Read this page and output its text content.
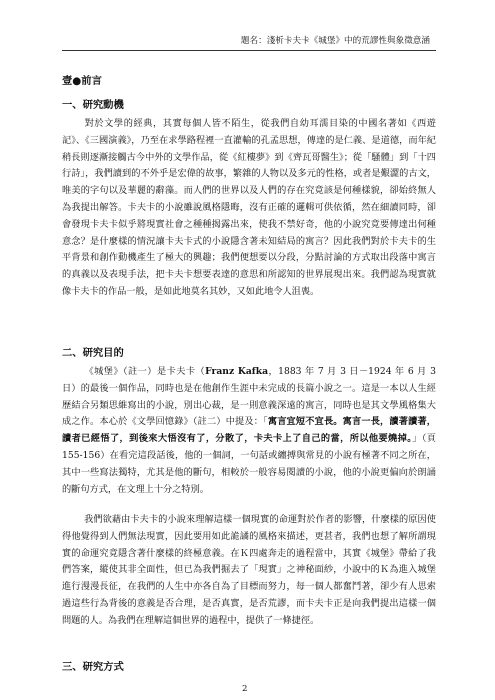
題名：淺析卡夫卡《城堡》中的荒謬性與象徵意涵
壹●前言
一、研究動機

對於文學的經典，其實每個人皆不陌生，從我們自幼耳濡目染的中國名著如《西遊記》、《三國演義》，乃至在求學路程裡一直灌輸的孔孟思想，傳達的是仁義、是道德，而年紀稍長則逐漸接觸古今中外的文學作品，從《紅樓夢》到《齊瓦哥醫生》；從「騷體」到「十四行詩」，我們讀到的不外乎是宏偉的故事，繁雜的人物以及多元的性格，或者是艱澀的古文，唯美的字句以及華麗的辭藻。而人們的世界以及人們的存在究竟該是何種樣貌，卻始終無人為我提出解答。卡夫卡的小說雖說風格隱晦，沒有正確的邏輯可供依循，然在細讀同時，卻會發現卡夫卡似乎將現實社會之種種揭露出來，使我不禁好奇，他的小說究竟要傳達出何種意念？是什麼樣的情況讓卡夫卡式的小說隱含著未知結局的寓言？因此我們對於卡夫卡的生平背景和創作動機產生了極大的興趣；我們便想要以分段，分點討論的方式取出段落中寓言的真義以及表現手法，把卡夫卡想要表達的意思和所認知的世界展現出來。我們認為現實就像卡夫卡的作品一般，是如此地莫名其妙，又如此地令人沮喪。

二、研究目的

《城堡》（註一）是卡夫卡（Franz Kafka，1883 年 7 月 3 日－1924 年 6 月 3 日）的最後一個作品，同時也是在他創作生涯中未完成的長篇小說之一。這是一本以人生經歷結合另類思維寫出的小說，別出心裁，是一則意義深遠的寓言，同時也是其文學風格集大成之作。本心於《文學回憶錄》（註二）中提及：「寓言宜短不宜長。寓言一長，讀著讀著，讀者已經悟了，到後來大悟沒有了，分散了，卡夫卡上了自己的當，所以他要燒掉。」（頁 155-156）在看完這段話後，他的一個詞，一句話或纏搏與常見的小說有極著不同之所在，其中一些寫法獨特，尤其是他的斷句，相較於一般容易閱讀的小說，他的小說更偏向於朗誦的斷句方式，在文理上十分之特別。

我們欲藉由卡夫卡的小說來理解這樣一個現實的命運對於作者的影響，什麼樣的原因使得他覺得到人們無法現實，因此要用如此詭譎的風格來描述，更甚者，我們也想了解所謂現實的命運究竟隱含著什麼樣的終極意義。在Ｋ四處奔走的過程當中，其實《城堡》帶給了我們答案，縱使其非全面性，但已為我們掘去了「現實」之神秘面紗，小說中的Ｋ為進入城堡進行漫漫長征，在我們的人生中亦各自為了目標而努力，每一個人都奮鬥著，卻少有人思索過這些行為背後的意義是否合理，是否真實，是否荒謬，而卡夫卡正是向我們提出這樣一個問題的人。為我們在理解這個世界的過程中，提供了一條捷徑。

三、研究方式
2
